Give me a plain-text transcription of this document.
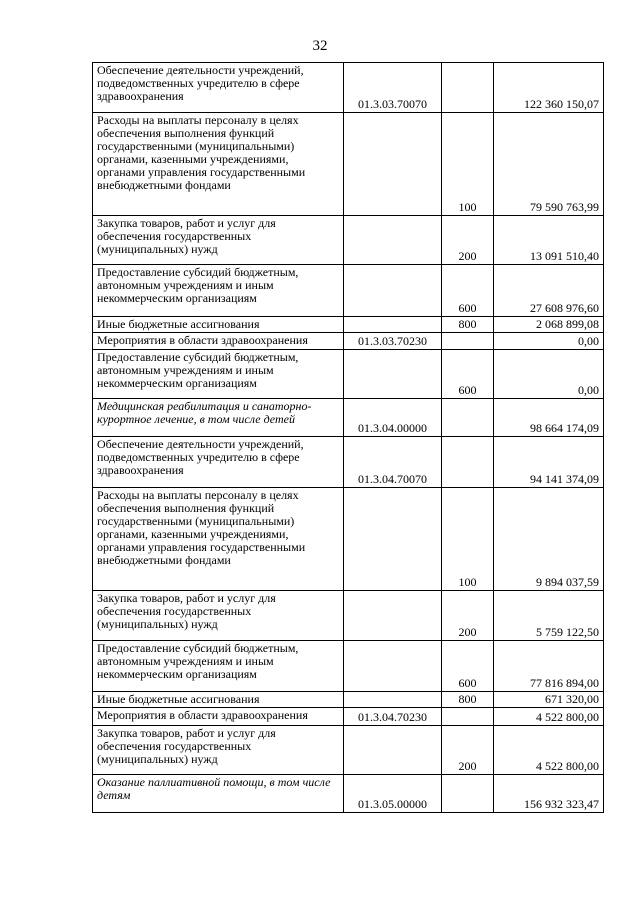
32
Обеспечение деятельности учреждений, подведомственных учредителю в сфере здравоохранения	01.3.03.70070		122 360 150,07
Расходы на выплаты персоналу в целях обеспечения выполнения функций государственными (муниципальными) органами, казенными учреждениями, органами управления государственными внебюджетными фондами		100	79 590 763,99
Закупка товаров, работ и услуг для обеспечения государственных (муниципальных) нужд		200	13 091 510,40
Предоставление субсидий бюджетным, автономным учреждениям и иным некоммерческим организациям		600	27 608 976,60
Иные бюджетные ассигнования		800	2 068 899,08
Мероприятия в области здравоохранения	01.3.03.70230		0,00
Предоставление субсидий бюджетным, автономным учреждениям и иным некоммерческим организациям		600	0,00
Медицинская реабилитация и санаторно-курортное лечение, в том числе детей	01.3.04.00000		98 664 174,09
Обеспечение деятельности учреждений, подведомственных учредителю в сфере здравоохранения	01.3.04.70070		94 141 374,09
Расходы на выплаты персоналу в целях обеспечения выполнения функций государственными (муниципальными) органами, казенными учреждениями, органами управления государственными внебюджетными фондами		100	9 894 037,59
Закупка товаров, работ и услуг для обеспечения государственных (муниципальных) нужд		200	5 759 122,50
Предоставление субсидий бюджетным, автономным учреждениям и иным некоммерческим организациям		600	77 816 894,00
Иные бюджетные ассигнования		800	671 320,00
Мероприятия в области здравоохранения	01.3.04.70230		4 522 800,00
Закупка товаров, работ и услуг для обеспечения государственных (муниципальных) нужд		200	4 522 800,00
Оказание паллиативной помощи, в том числе детям	01.3.05.00000		156 932 323,47
